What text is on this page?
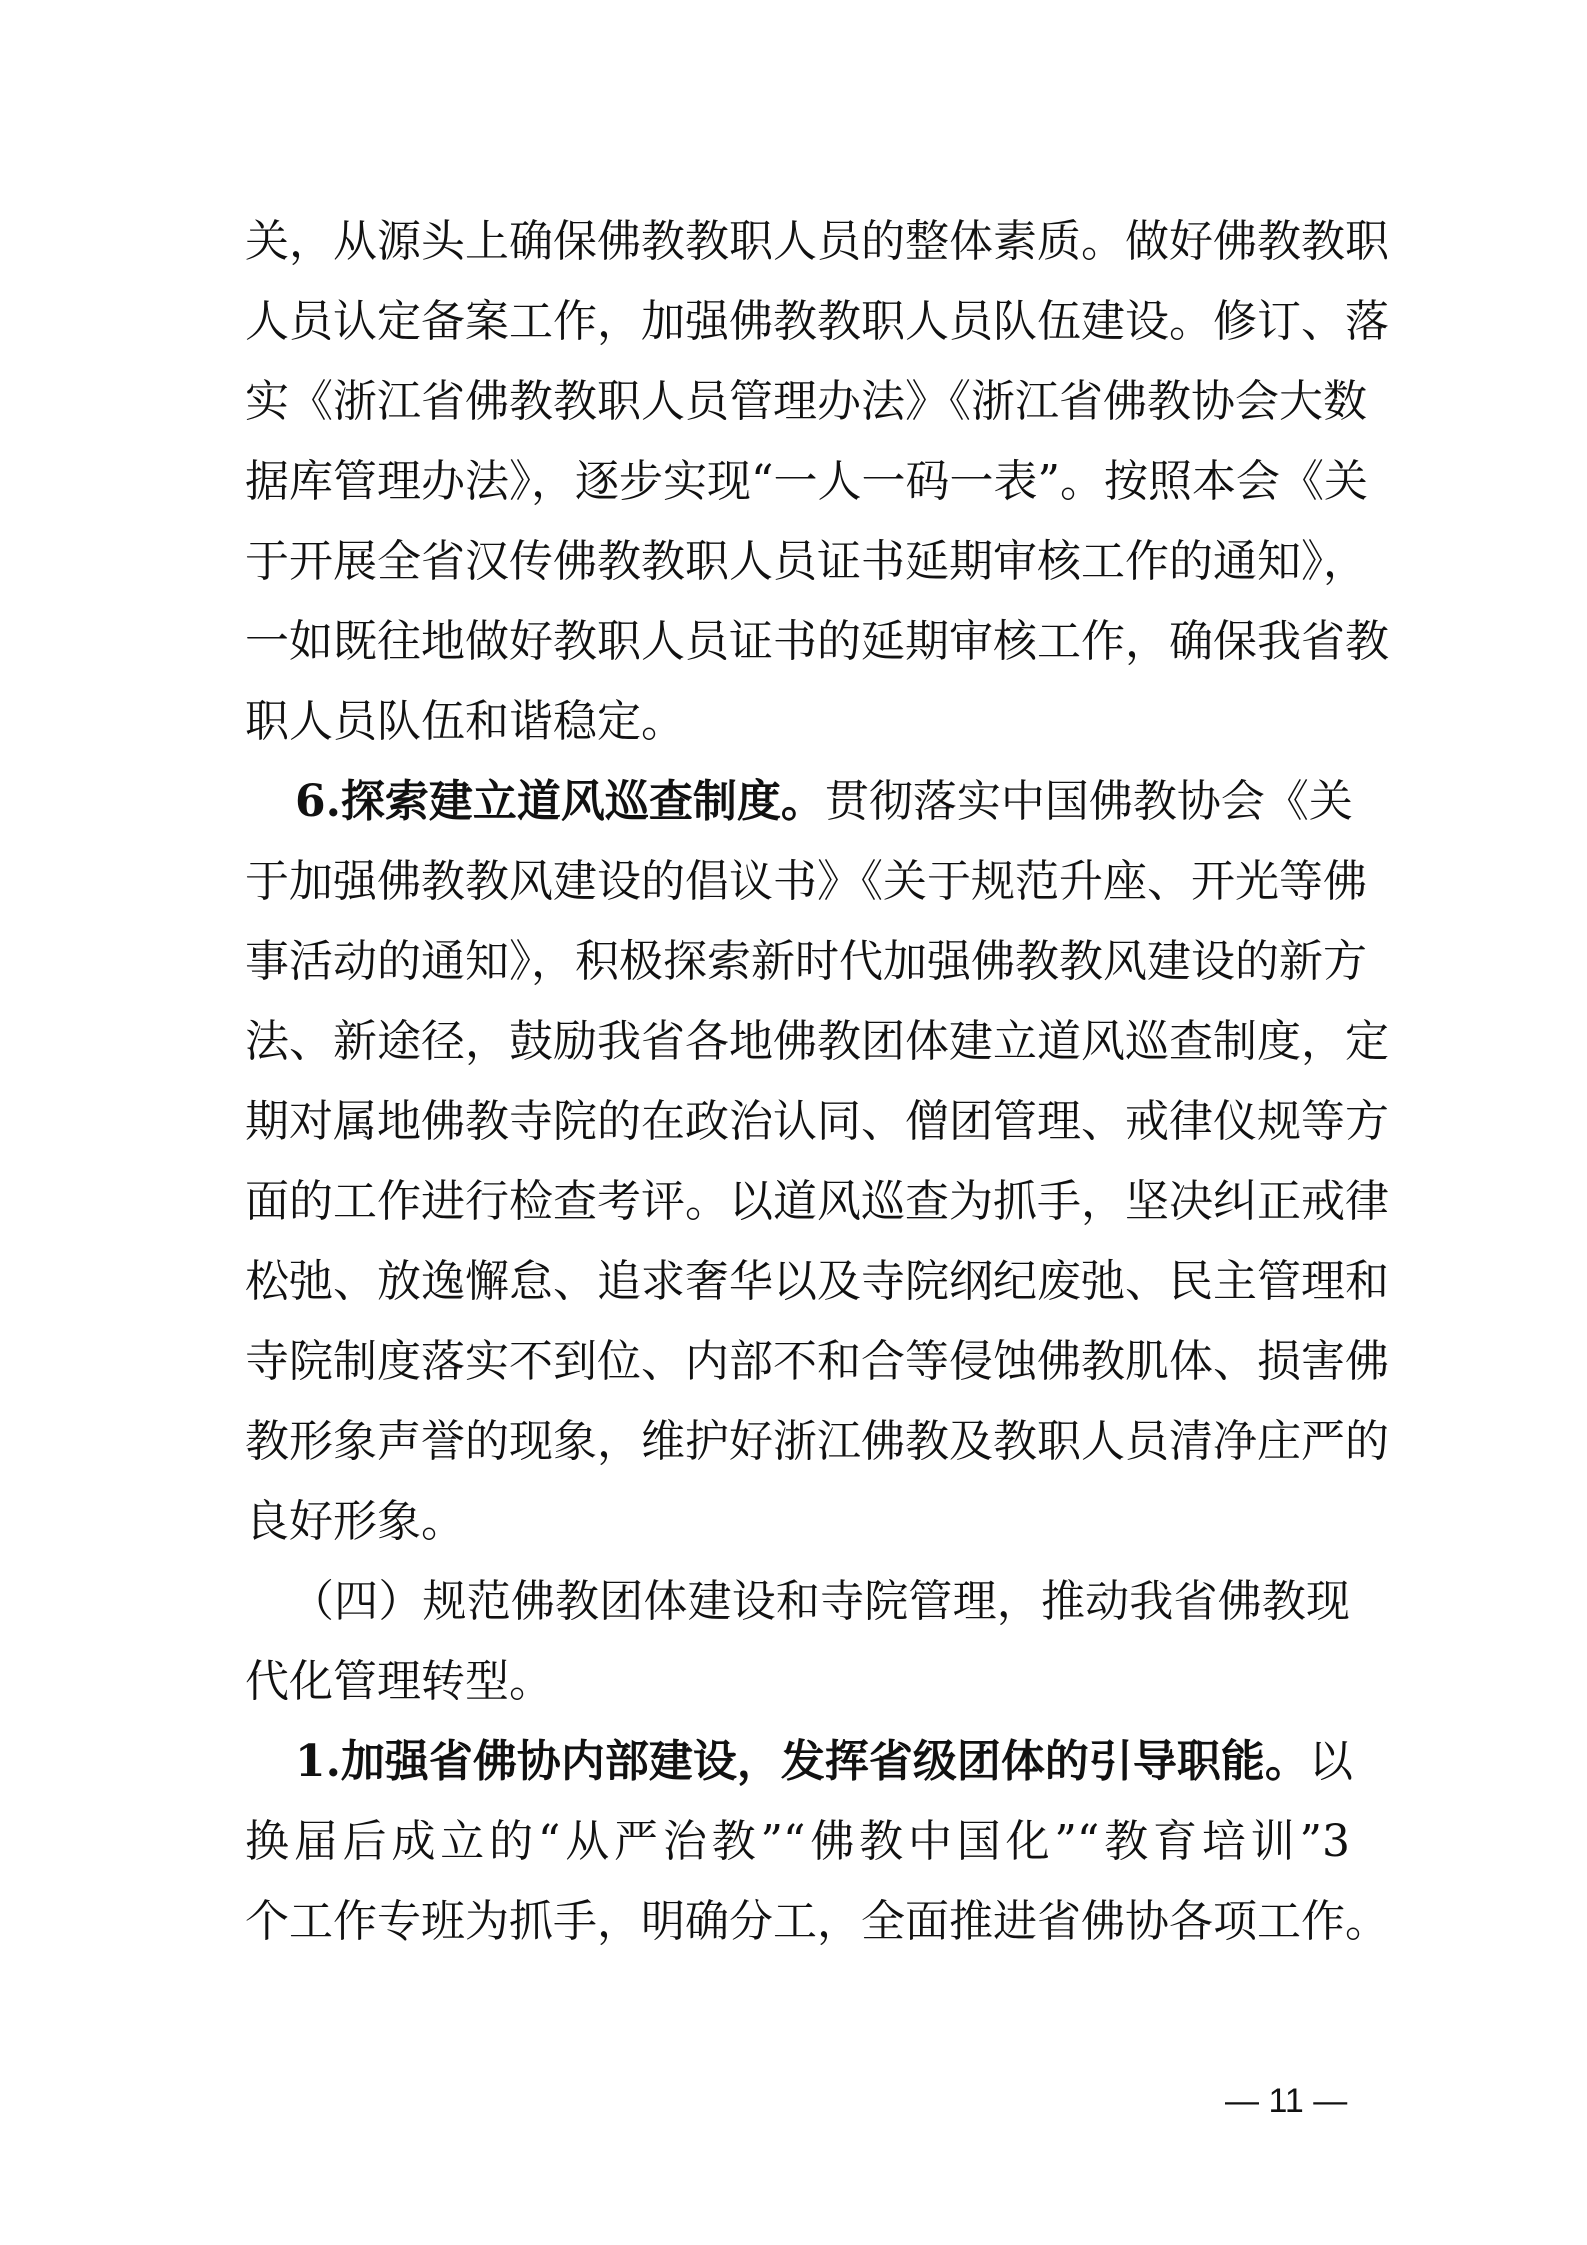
关，从源头上确保佛教教职人员的整体素质。做好佛教教职
人员认定备案工作，加强佛教教职人员队伍建设。修订、落
实《浙江省佛教教职人员管理办法》《浙江省佛教协会大数
据库管理办法》，逐步实现“一人一码一表”。按照本会《关
于开展全省汉传佛教教职人员证书延期审核工作的通知》，
一如既往地做好教职人员证书的延期审核工作，确保我省教
职人员队伍和谐稳定。
6.探索建立道风巡查制度。贯彻落实中国佛教协会《关
于加强佛教教风建设的倡议书》《关于规范升座、开光等佛
事活动的通知》，积极探索新时代加强佛教教风建设的新方
法、新途径，鼓励我省各地佛教团体建立道风巡查制度，定
期对属地佛教寺院的在政治认同、僧团管理、戒律仪规等方
面的工作进行检查考评。以道风巡查为抓手，坚决纠正戒律
松弛、放逸懈怠、追求奢华以及寺院纲纪废弛、民主管理和
寺院制度落实不到位、内部不和合等侵蚀佛教肌体、损害佛
教形象声誉的现象，维护好浙江佛教及教职人员清净庄严的
良好形象。
（四）规范佛教团体建设和寺院管理，推动我省佛教现
代化管理转型。
1.加强省佛协内部建设，发挥省级团体的引导职能。以
换届后成立的“从严治教”“佛教中国化”“教育培训”3
个工作专班为抓手，明确分工，全面推进省佛协各项工作。
— 11 —
